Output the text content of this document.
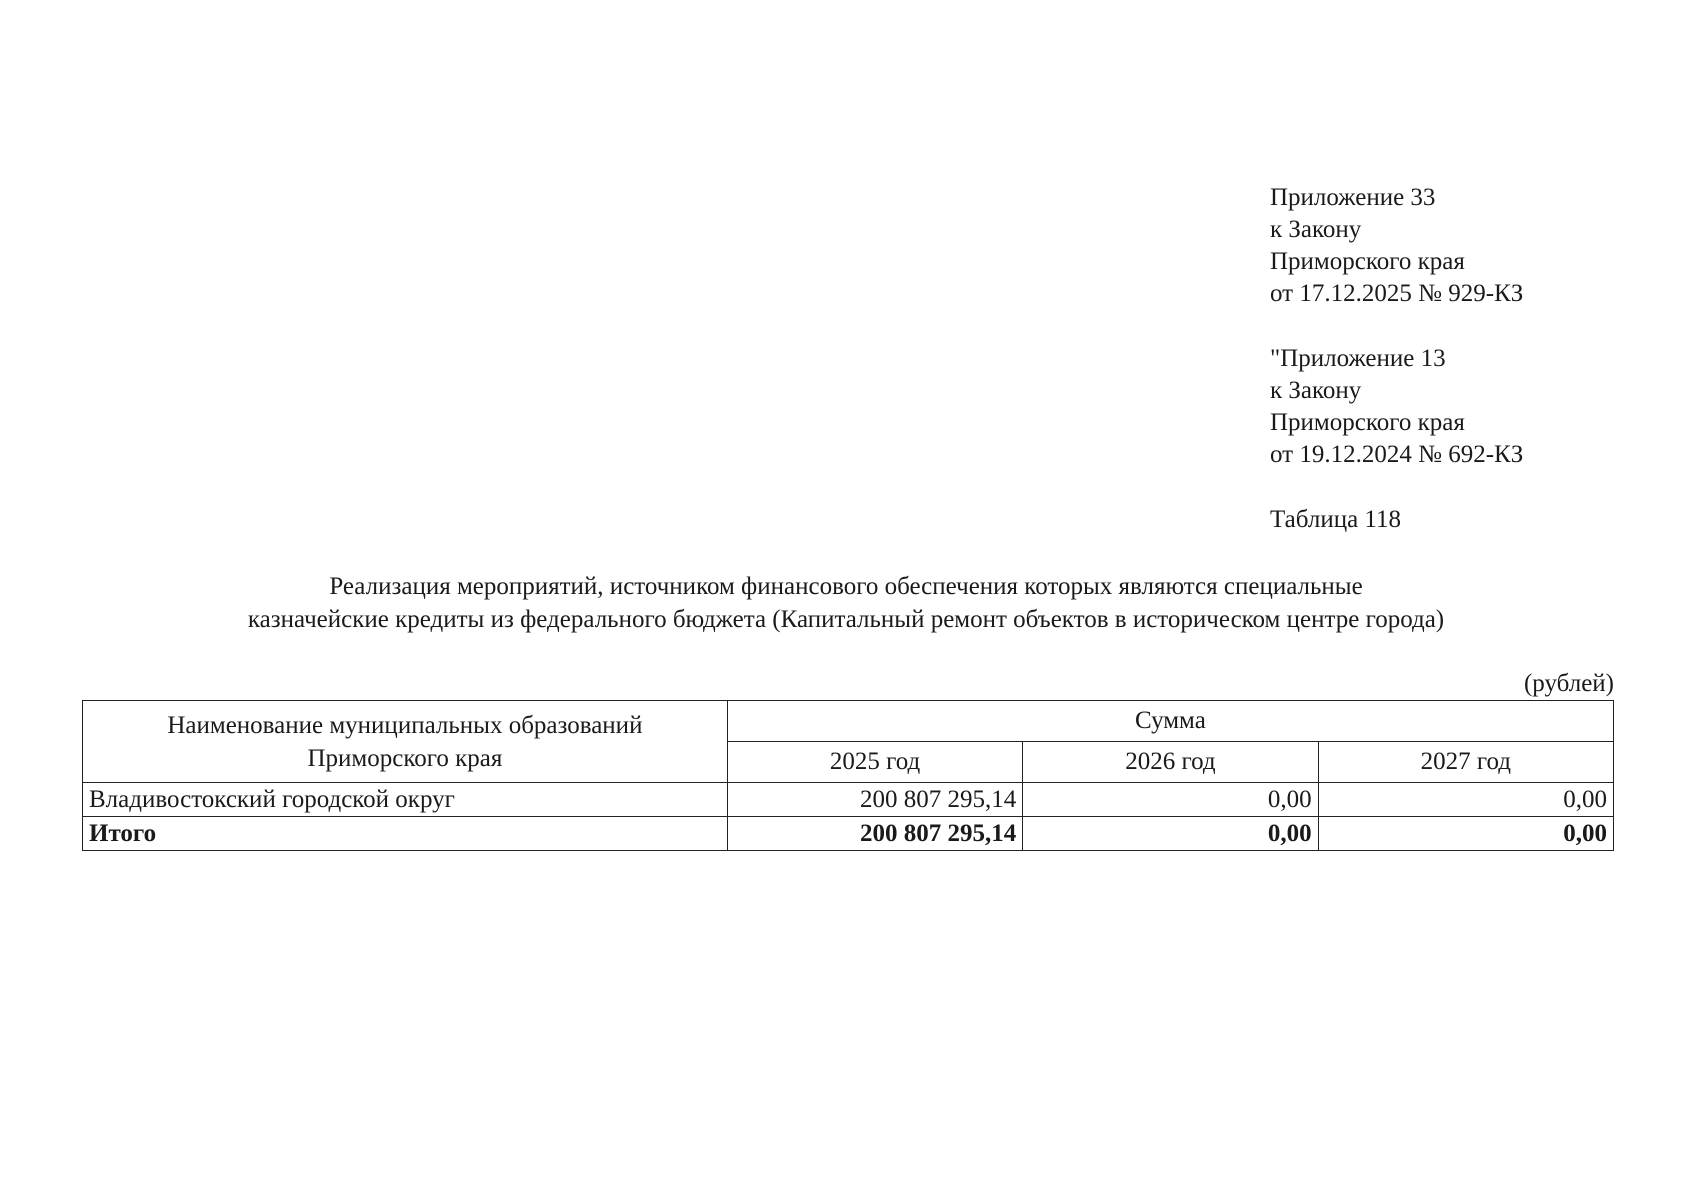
Приложение 33
к Закону
Приморского края
от 17.12.2025 № 929-КЗ
"Приложение 13
к Закону
Приморского края
от 19.12.2024 № 692-КЗ
Таблица 118
Реализация мероприятий, источником финансового обеспечения которых являются специальные
казначейские кредиты из федерального бюджета (Капитальный ремонт объектов в историческом центре города)
(рублей)
Наименование муниципальных образований
Приморского края	Сумма		
	2025 год	2026 год	2027 год
Владивостокский городской округ	200 807 295,14	0,00	0,00
Итого	200 807 295,14	0,00	0,00
